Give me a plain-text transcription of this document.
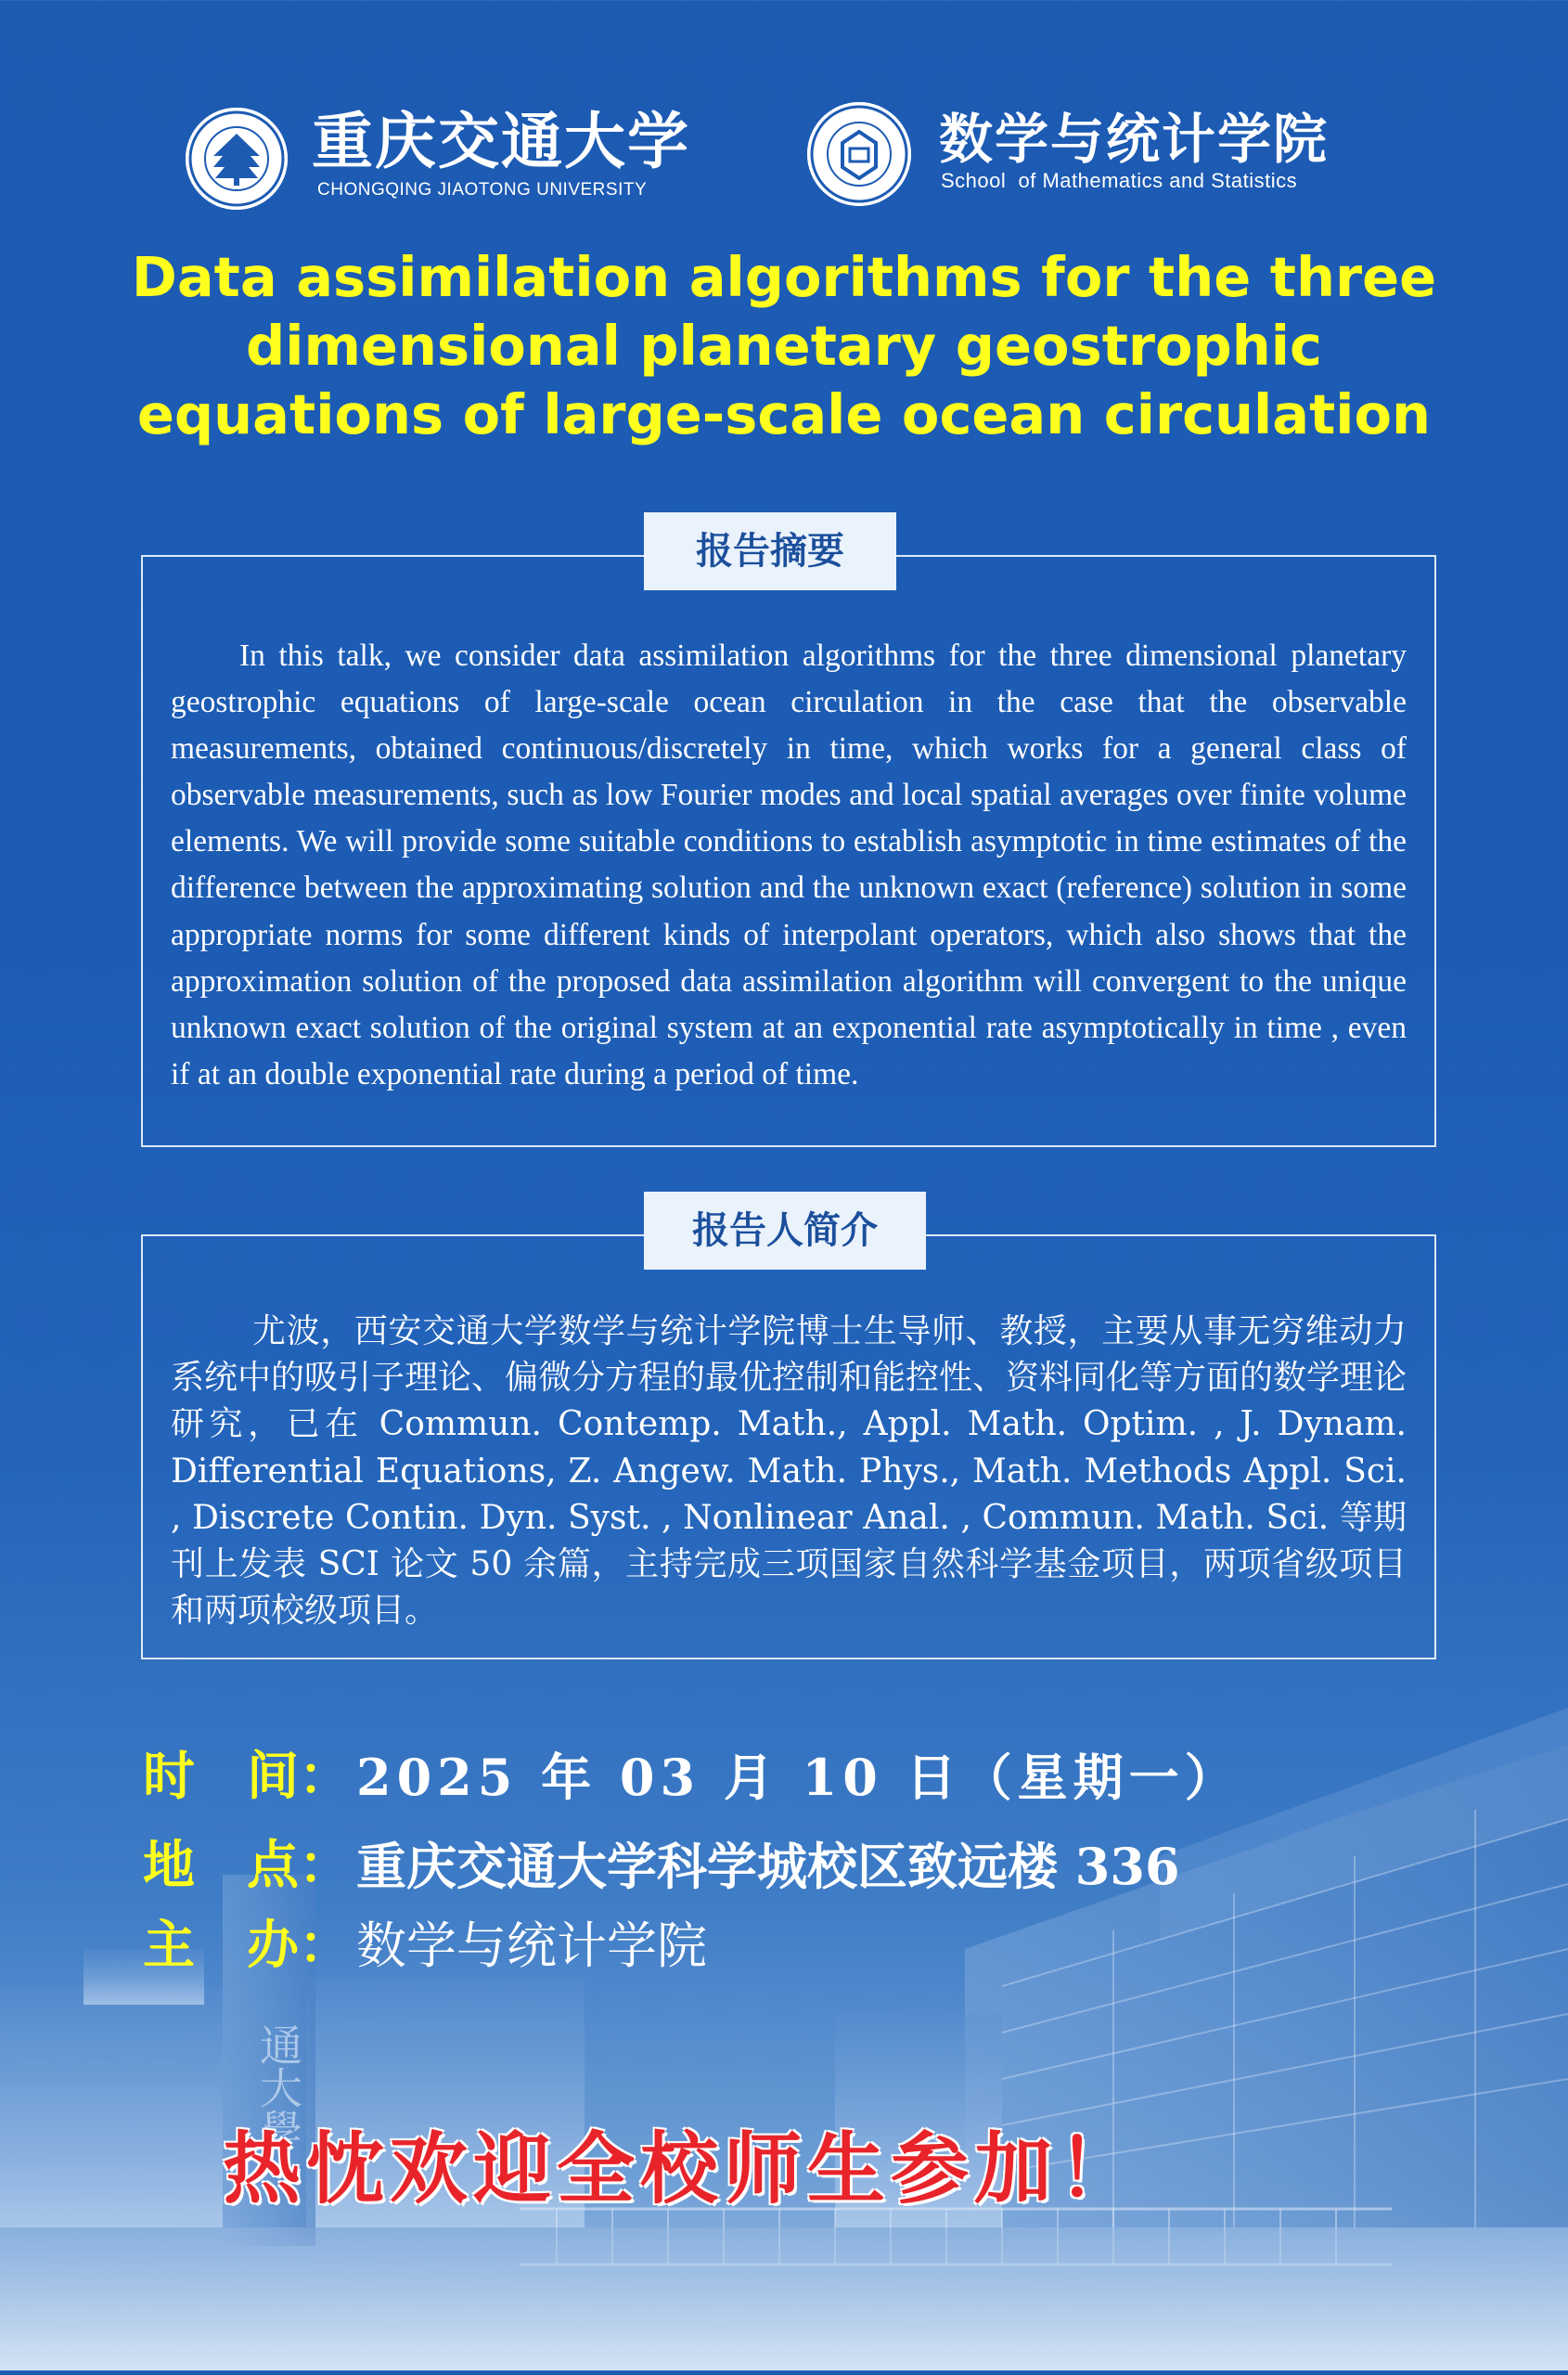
重庆交通大学
CHONGQING JIAOTONG UNIVERSITY
数学与统计学院
School  of Mathematics and Statistics
Data assimilation algorithms for the three dimensional planetary geostrophic equations of large-scale ocean circulation
报告摘要

In this talk, we consider data assimilation algorithms for the three dimensional planetary geostrophic equations of large-scale ocean circulation in the case that the observable measurements, obtained continuous/discretely in time, which works for a general class of observable measurements, such as low Fourier modes and local spatial averages over finite volume elements. We will provide some suitable conditions to establish asymptotic in time estimates of the difference between the approximating solution and the unknown exact (reference) solution in some appropriate norms for some different kinds of interpolant operators, which also shows that the approximation solution of the proposed data assimilation algorithm will convergent to the unique unknown exact solution of the original system at an exponential rate asymptotically in time , even if at an double exponential rate during a period of time.

报告人简介

尤波，西安交通大学数学与统计学院博士生导师、教授，主要从事无穷维动力系统中的吸引子理论、偏微分方程的最优控制和能控性、资料同化等方面的数学理论研究，已在 Commun. Contemp. Math., Appl. Math. Optim. , J. Dynam. Differential Equations, Z. Angew. Math. Phys., Math. Methods Appl. Sci. , Discrete Contin. Dyn. Syst. , Nonlinear Anal. , Commun. Math. Sci. 等期刊上发表 SCI 论文 50 余篇，主持完成三项国家自然科学基金项目，两项省级项目和两项校级项目。

通大學
时　间： 2025 年 03 月 10 日（星期一）
地　点： 重庆交通大学科学城校区致远楼 336
主　办： 数学与统计学院
热忱欢迎全校师生参加！
